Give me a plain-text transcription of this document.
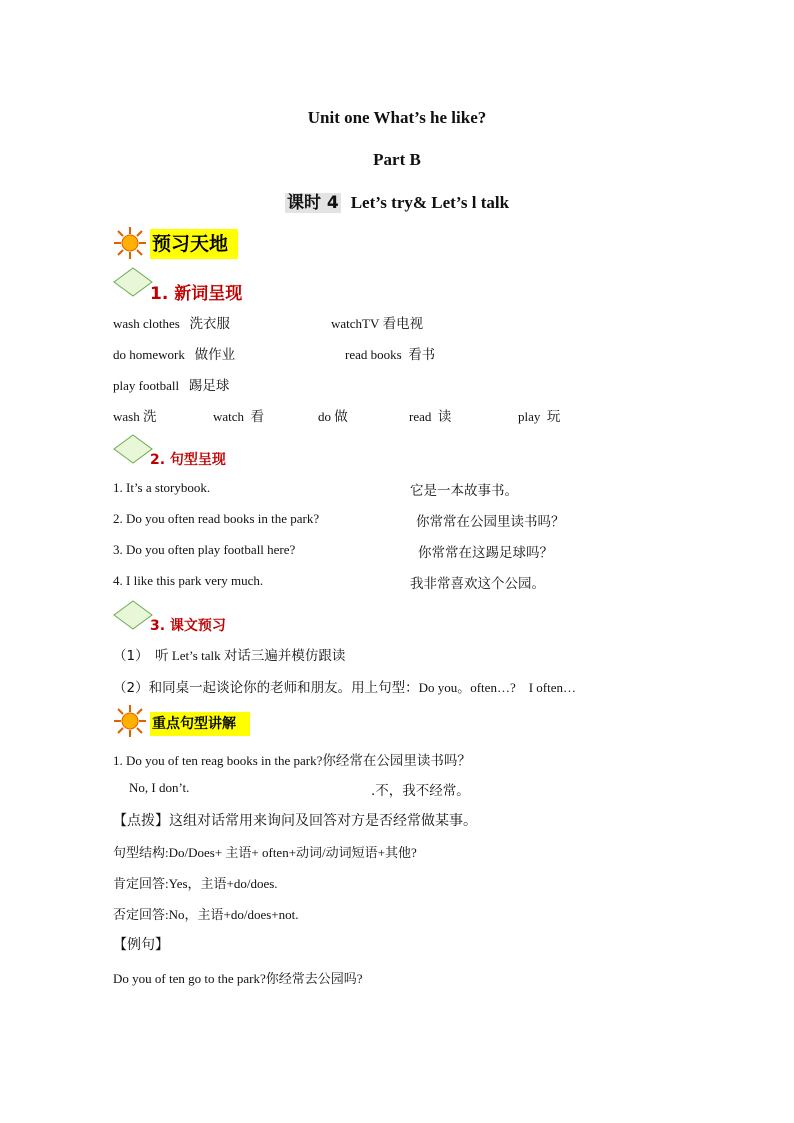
Unit one What’s he like?
Part B
课时 4 Let’s try& Let’s l talk
预习天地
1. 新词呈现
wash clothes 洗衣服	watchTV 看电视
do homework 做作业	read books 看书
play football 踢足球
wash 洗	watch 看	do 做	read 读	play 玩
2. 句型呈现
1. It’s a storybook.	它是一本故事书。
2. Do you often read books in the park?	你常常在公园里读书吗？
3. Do you often play football here?	你常常在这踢足球吗？
4. I like this park very much.	我非常喜欢这个公园。
3. 课文预习
（1） 听 Let’s talk 对话三遍并模仿跟读
（2）和同桌一起谈论你的老师和朋友。用上句型：Do you。often…? I often…
重点句型讲解
1. Do you of ten reag books in the park?你经常在公园里读书吗？
No, I don’t.	.不，我不经常。
【点拨】这组对话常用来询问及回答对方是否经常做某事。
句型结构:Do/Does+ 主语+ often+动词/动词短语+其他?
肯定回答:Yes，主语+do/does.
否定回答:No，主语+do/does+not.
【例句】
Do you of ten go to the park?你经常去公园吗?
